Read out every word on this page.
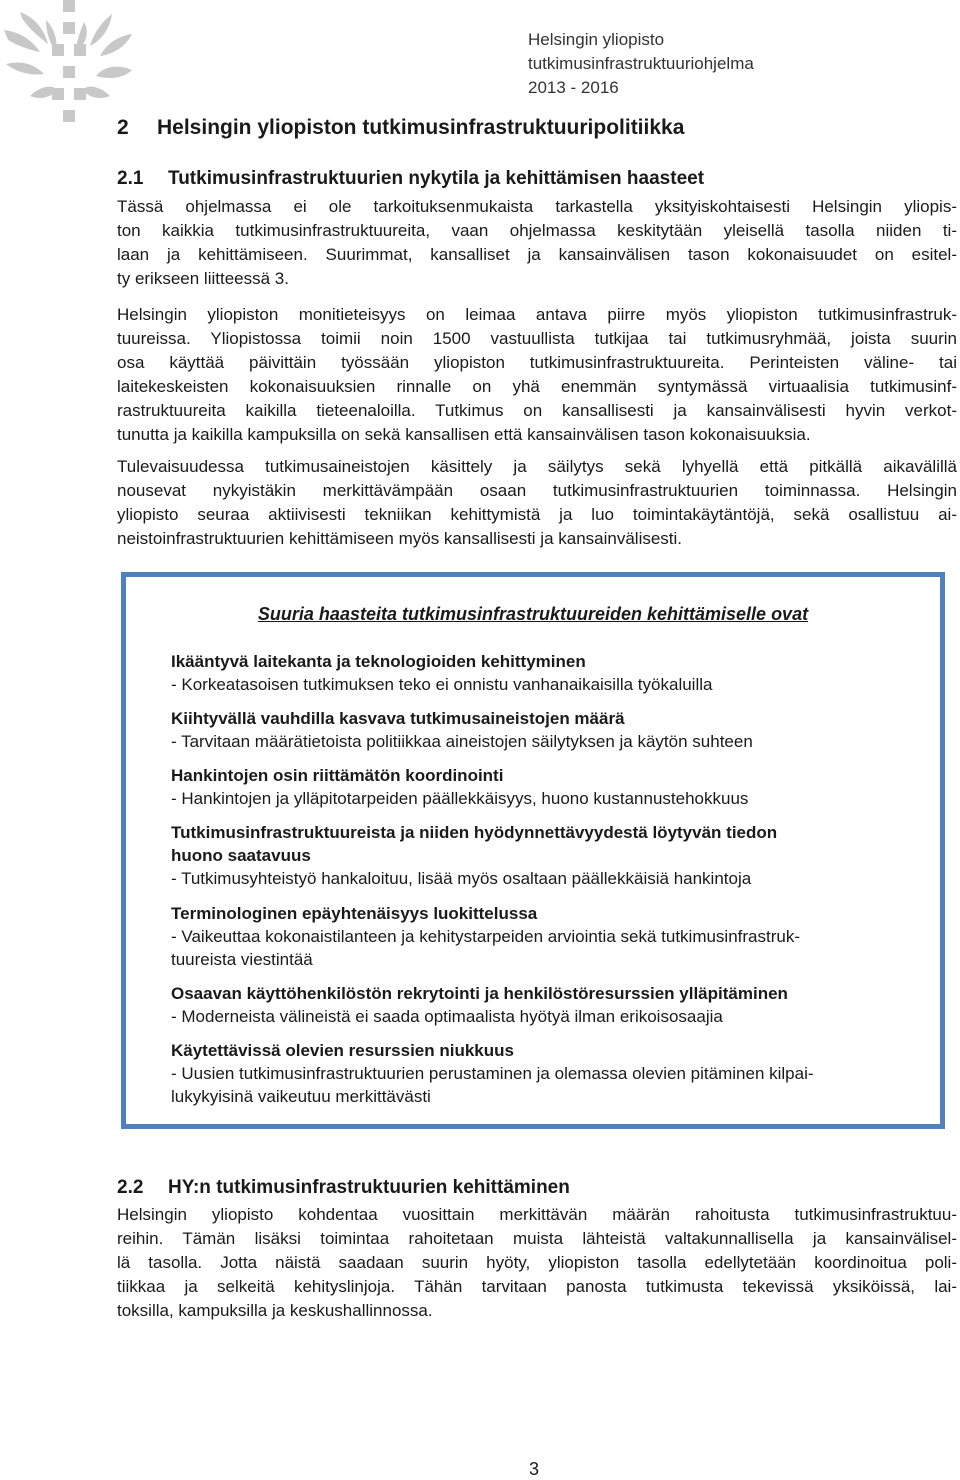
Helsingin yliopisto
tutkimusinfrastruktuuriohjelma
2013 - 2016
2 Helsingin yliopiston tutkimusinfrastruktuuripolitiikka
2.1 Tutkimusinfrastruktuurien nykytila ja kehittämisen haasteet
Tässä ohjelmassa ei ole tarkoituksenmukaista tarkastella yksityiskohtaisesti Helsingin yliopis-
ton kaikkia tutkimusinfrastruktuureita, vaan ohjelmassa keskitytään yleisellä tasolla niiden ti-
laan ja kehittämiseen. Suurimmat, kansalliset ja kansainvälisen tason kokonaisuudet on esitel-
ty erikseen liitteessä 3.
Helsingin yliopiston monitieteisyys on leimaa antava piirre myös yliopiston tutkimusinfrastruk-
tuureissa. Yliopistossa toimii noin 1500 vastuullista tutkijaa tai tutkimusryhmää, joista suurin
osa käyttää päivittäin työssään yliopiston tutkimusinfrastruktuureita. Perinteisten väline- tai
laitekeskeisten kokonaisuuksien rinnalle on yhä enemmän syntymässä virtuaalisia tutkimusinf-
rastruktuureita kaikilla tieteenaloilla. Tutkimus on kansallisesti ja kansainvälisesti hyvin verkot-
tunutta ja kaikilla kampuksilla on sekä kansallisen että kansainvälisen tason kokonaisuuksia.
Tulevaisuudessa tutkimusaineistojen käsittely ja säilytys sekä lyhyellä että pitkällä aikavälillä
nousevat nykyistäkin merkittävämpään osaan tutkimusinfrastruktuurien toiminnassa. Helsingin
yliopisto seuraa aktiivisesti tekniikan kehittymistä ja luo toimintakäytäntöjä, sekä osallistuu ai-
neistoinfrastruktuurien kehittämiseen myös kansallisesti ja kansainvälisesti.
Suuria haasteita tutkimusinfrastruktuureiden kehittämiselle ovat
Ikääntyvä laitekanta ja teknologioiden kehittyminen
- Korkeatasoisen tutkimuksen teko ei onnistu vanhanaikaisilla työkaluilla
Kiihtyvällä vauhdilla kasvava tutkimusaineistojen määrä
- Tarvitaan määrätietoista politiikkaa aineistojen säilytyksen ja käytön suhteen
Hankintojen osin riittämätön koordinointi
- Hankintojen ja ylläpitotarpeiden päällekkäisyys, huono kustannustehokkuus
Tutkimusinfrastruktuureista ja niiden hyödynnettävyydestä löytyvän tiedon
huono saatavuus
- Tutkimusyhteistyö hankaloituu, lisää myös osaltaan päällekkäisiä hankintoja
Terminologinen epäyhtenäisyys luokittelussa
- Vaikeuttaa kokonaistilanteen ja kehitystarpeiden arviointia sekä tutkimusinfrastruk-
tuureista viestintää
Osaavan käyttöhenkilöstön rekrytointi ja henkilöstöresurssien ylläpitäminen
- Moderneista välineistä ei saada optimaalista hyötyä ilman erikoisosaajia
Käytettävissä olevien resurssien niukkuus
- Uusien tutkimusinfrastruktuurien perustaminen ja olemassa olevien pitäminen kilpai-
lukykyisinä vaikeutuu merkittävästi
2.2 HY:n tutkimusinfrastruktuurien kehittäminen
Helsingin yliopisto kohdentaa vuosittain merkittävän määrän rahoitusta tutkimusinfrastruktuu-
reihin. Tämän lisäksi toimintaa rahoitetaan muista lähteistä valtakunnallisella ja kansainvälisel-
lä tasolla. Jotta näistä saadaan suurin hyöty, yliopiston tasolla edellytetään koordinoitua poli-
tiikkaa ja selkeitä kehityslinjoja. Tähän tarvitaan panosta tutkimusta tekevissä yksiköissä, lai-
toksilla, kampuksilla ja keskushallinnossa.
3
